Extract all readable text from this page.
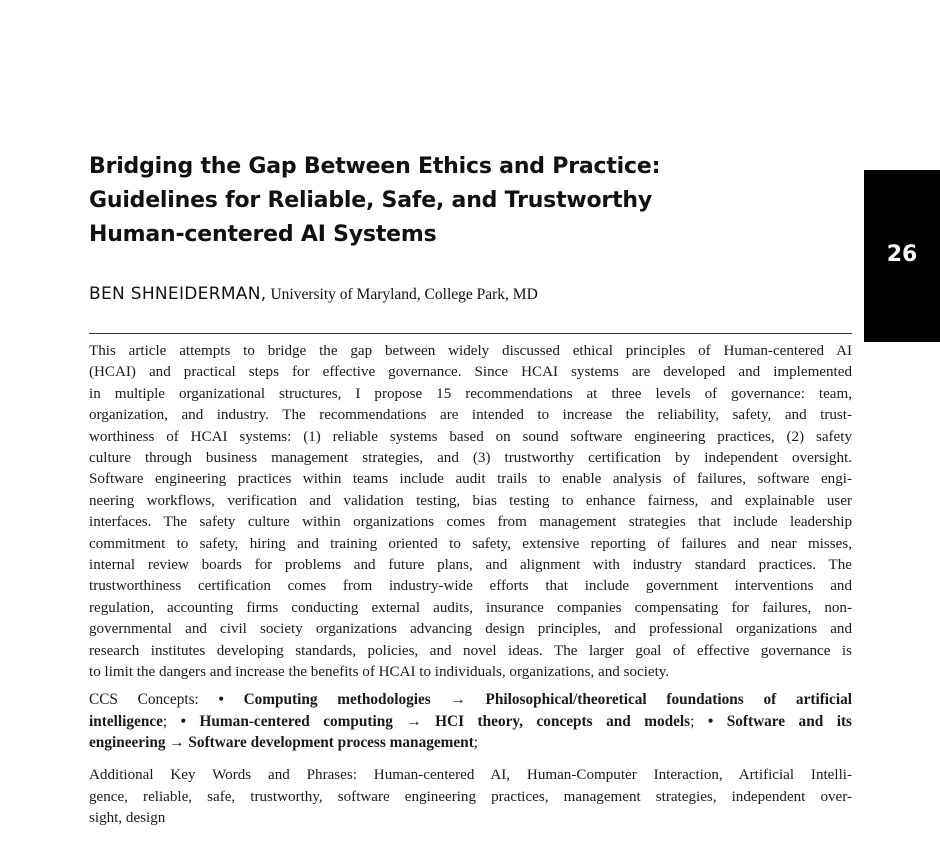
Bridging the Gap Between Ethics and Practice:
Guidelines for Reliable, Safe, and Trustworthy
Human-centered AI Systems
26
BEN SHNEIDERMAN, University of Maryland, College Park, MD
This article attempts to bridge the gap between widely discussed ethical principles of Human-centered AI
(HCAI) and practical steps for effective governance. Since HCAI systems are developed and implemented
in multiple organizational structures, I propose 15 recommendations at three levels of governance: team,
organization, and industry. The recommendations are intended to increase the reliability, safety, and trust-
worthiness of HCAI systems: (1) reliable systems based on sound software engineering practices, (2) safety
culture through business management strategies, and (3) trustworthy certification by independent oversight.
Software engineering practices within teams include audit trails to enable analysis of failures, software engi-
neering workflows, verification and validation testing, bias testing to enhance fairness, and explainable user
interfaces. The safety culture within organizations comes from management strategies that include leadership
commitment to safety, hiring and training oriented to safety, extensive reporting of failures and near misses,
internal review boards for problems and future plans, and alignment with industry standard practices. The
trustworthiness certification comes from industry-wide efforts that include government interventions and
regulation, accounting firms conducting external audits, insurance companies compensating for failures, non-
governmental and civil society organizations advancing design principles, and professional organizations and
research institutes developing standards, policies, and novel ideas. The larger goal of effective governance is
to limit the dangers and increase the benefits of HCAI to individuals, organizations, and society.
CCS Concepts: • Computing methodologies → Philosophical/theoretical foundations of artificial
intelligence; • Human-centered computing → HCI theory, concepts and models; • Software and its
engineering → Software development process management;
Additional Key Words and Phrases: Human-centered AI, Human-Computer Interaction, Artificial Intelli-
gence, reliable, safe, trustworthy, software engineering practices, management strategies, independent over-
sight, design
